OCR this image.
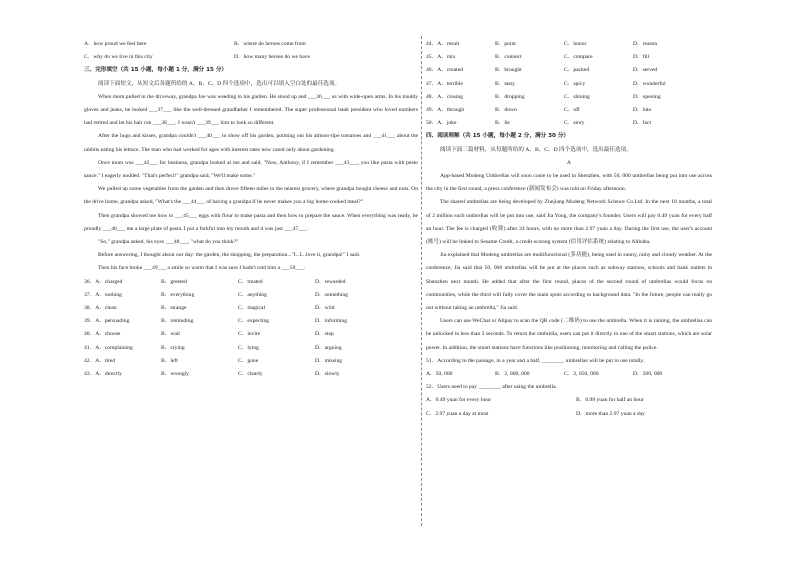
A．how proud we feel here	B．where do heroes come from
C．why do we live in this city	D．how many heroes do we have
三、完形填空（共 15 小题，每小题 1 分，满分 15 分）

阅读下面短文，从短文后各题所给的 A、B、C、D 四个选项中，选出可以填入空白处的最佳选项。

When mom pulled in the driveway, grandpa Joe was weeding in his garden. He stood up and ___36___ us with wide-open arms. In his muddy gloves and jeans, he looked ___37___ like the well-dressed grandfather I remembered. The super professional bank president who loved numbers had retired and let his hair run ___38___. I wasn't ___39___ him to look so different.

After the hugs and kisses, grandpa couldn't ___40___ to show off his garden, pointing out his almost-ripe tomatoes and ___41___ about the rabbits eating his lettuce. The man who had worked for ages with interest rates now cared only about gardening.

Once mom was ___42___ for business, grandpa looked at me and said, "Now, Anthony, if I remember ___43___, you like pasta with pesto sauce." I eagerly nodded. "That's perfect!" grandpa said, "We'll make some."

We pulled up some vegetables from the garden and then drove fifteen miles to the nearest grocery, where grandpa bought cheese and nuts. On the drive home, grandpa asked, "What's the ___44___ of having a grandpa if he never makes you a big home-cooked meal?"

Then grandpa showed me how to ___45___ eggs with flour to make pasta and then how to prepare the sauce. When everything was ready, he proudly ___46___ me a large plate of pasta. I put a forkful into my mouth and it was just ___47___.

"So," grandpa asked, his eyes ___48___, "what do you think?"

Before answering, I thought about our day: the garden, the shopping, the preparation..."I...I...love it, grandpa!" I said.

Then his face broke ___49___ a smile so warm that I was sure I hadn't told him a ___50___.

36．A．charged	B．greeted	C．treated	D．rewarded
37．A．nothing	B．everything	C．anything	D．something
38．A．clean	B．strange	C．magical	D．wild
39．A．persuading	B．reminding	C．expecting	D．informing
40．A．choose	B．wait	C．invite	D．stop
41．A．complaining	B．crying	C．lying	D．arguing
42．A．tired	B．left	C．gone	D．missing
43．A．directly	B．wrongly	C．clearly	D．slowly
44．A．result	B．point	C．honor	D．reason
45．A．mix	B．connect	C．compare	D．fill
46．A．created	B．brought	C．packed	D．served
47．A．terrible	B．tasty	C．spicy	D．wonderful
48．A．closing	B．dropping	C．shining	D．opening
49．A．through	B．down	C．off	D．into
50．A．joke	B．lie	C．story	D．fact
四、阅读理解（共 15 小题，每小题 2 分，满分 30 分）

阅读下面三篇材料，从每题所给的 A、B、C、D 四个选项中，选出最佳选项。

A

App-based Modeng Umbrellas will soon come to be used in Shenzhen, with 50, 000 umbrellas being put into use across the city in the first round, a press conference (新闻发布会) was told on Friday afternoon.

The shared umbrellas are being developed by Zhejiang Modeng Network Science Co.Ltd. In the next 18 months, a total of 2 million such umbrellas will be put into use, said Jia Yong, the company's founder. Users will pay 0.49 yuan for every half an hour. The fee is charged (收费) after 24 hours, with no more than 2.97 yuan a day. During the first use, the user's account (账号) will be linked to Sesame Credit, a credit-scoring system (信用评估系统) relating to Alibaba.

Jia explained that Modeng umbrellas are multifunctional (多功能), being used in sunny, rainy and cloudy weather. At the conference, Jia said that 50, 000 umbrellas will be put at the places such as subway stations, schools and bank outlets in Shenzhen next month. He added that after the first round, places of the second round of umbrellas would focus on communities, while the third will fully cover the main spots according to background data. "In the future, people can really go out without taking an umbrella," Jia said.

Users can use WeChat or Alipay to scan the QR code (二维码) to use the umbrella. When it is raining, the umbrellas can be unlocked in less than 3 seconds. To return the umbrella, users can put it directly in one of the smart stations, which are solar power. In addition, the smart stations have functions like positioning, monitoring and calling the police.

51．According to the passage, in a year and a half, ________ umbrellas will be put in use totally.

A．50, 000	B．2, 000, 000	C．2, 050, 000	D．200, 000

52．Users need to pay ________ after using the umbrella.

A．0.49 yuan for every hour	B．0.98 yuan for half an hour
C．2.97 yuan a day at most	D．more than 2.97 yuan a day
